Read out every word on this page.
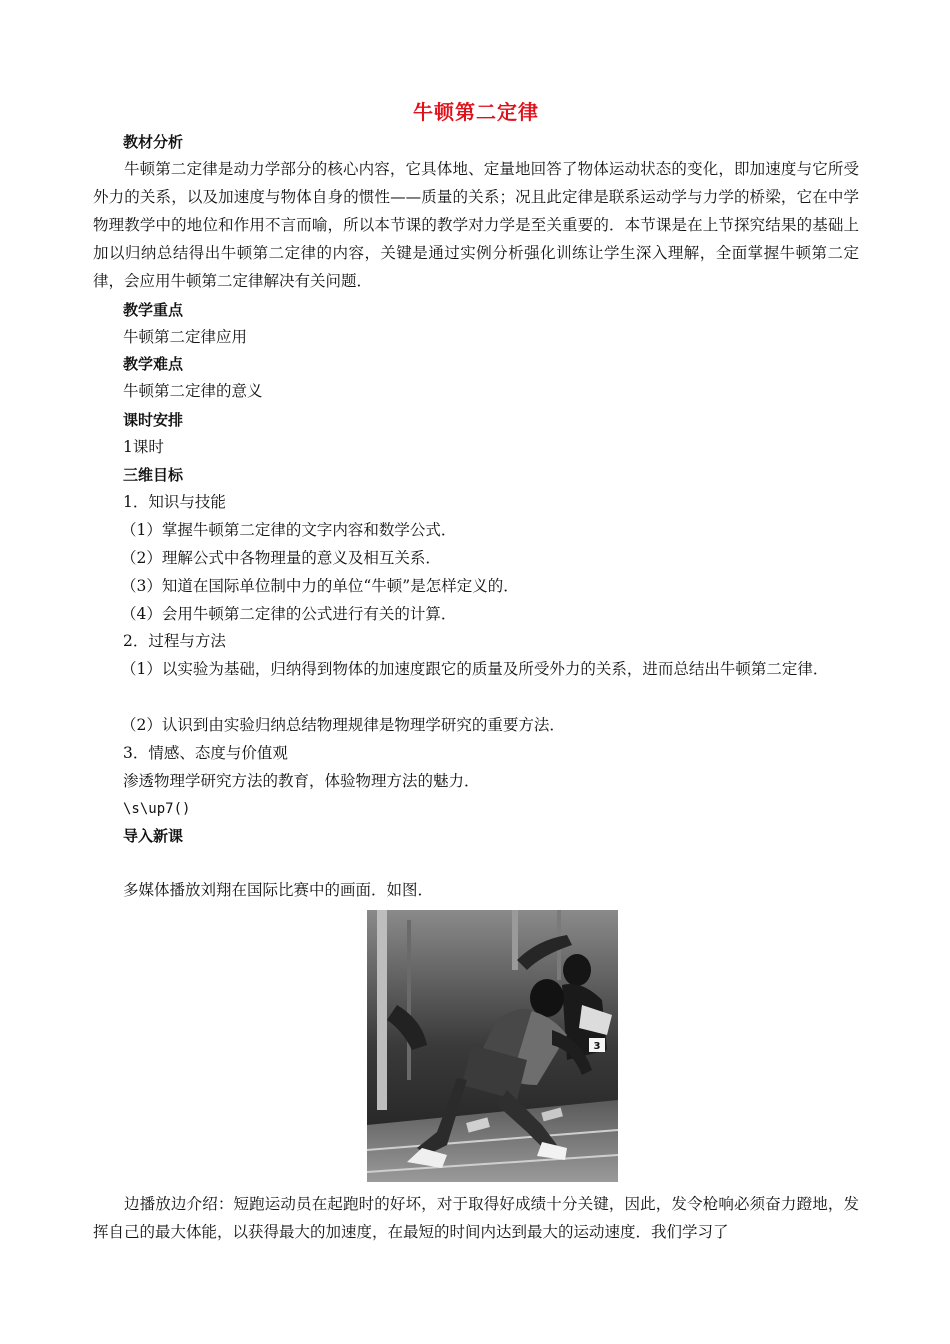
牛顿第二定律
教材分析
牛顿第二定律是动力学部分的核心内容，它具体地、定量地回答了物体运动状态的变化，即加速度与它所受外力的关系，以及加速度与物体自身的惯性——质量的关系；况且此定律是联系运动学与力学的桥梁，它在中学物理教学中的地位和作用不言而喻，所以本节课的教学对力学是至关重要的．本节课是在上节探究结果的基础上加以归纳总结得出牛顿第二定律的内容，关键是通过实例分析强化训练让学生深入理解，全面掌握牛顿第二定律，会应用牛顿第二定律解决有关问题．
教学重点
牛顿第二定律应用
教学难点
牛顿第二定律的意义
课时安排
1课时
三维目标
1．知识与技能
（1）掌握牛顿第二定律的文字内容和数学公式．
（2）理解公式中各物理量的意义及相互关系．
（3）知道在国际单位制中力的单位“牛顿”是怎样定义的．
（4）会用牛顿第二定律的公式进行有关的计算．
2．过程与方法
（1）以实验为基础，归纳得到物体的加速度跟它的质量及所受外力的关系，进而总结出牛顿第二定律．
（2）认识到由实验归纳总结物理规律是物理学研究的重要方法．
3．情感、态度与价值观
渗透物理学研究方法的教育，体验物理方法的魅力．
\s\up7()
导入新课
多媒体播放刘翔在国际比赛中的画面．如图．
3
边播放边介绍：短跑运动员在起跑时的好坏，对于取得好成绩十分关键，因此，发令枪响必须奋力蹬地，发挥自己的最大体能，以获得最大的加速度，在最短的时间内达到最大的运动速度．我们学习了
